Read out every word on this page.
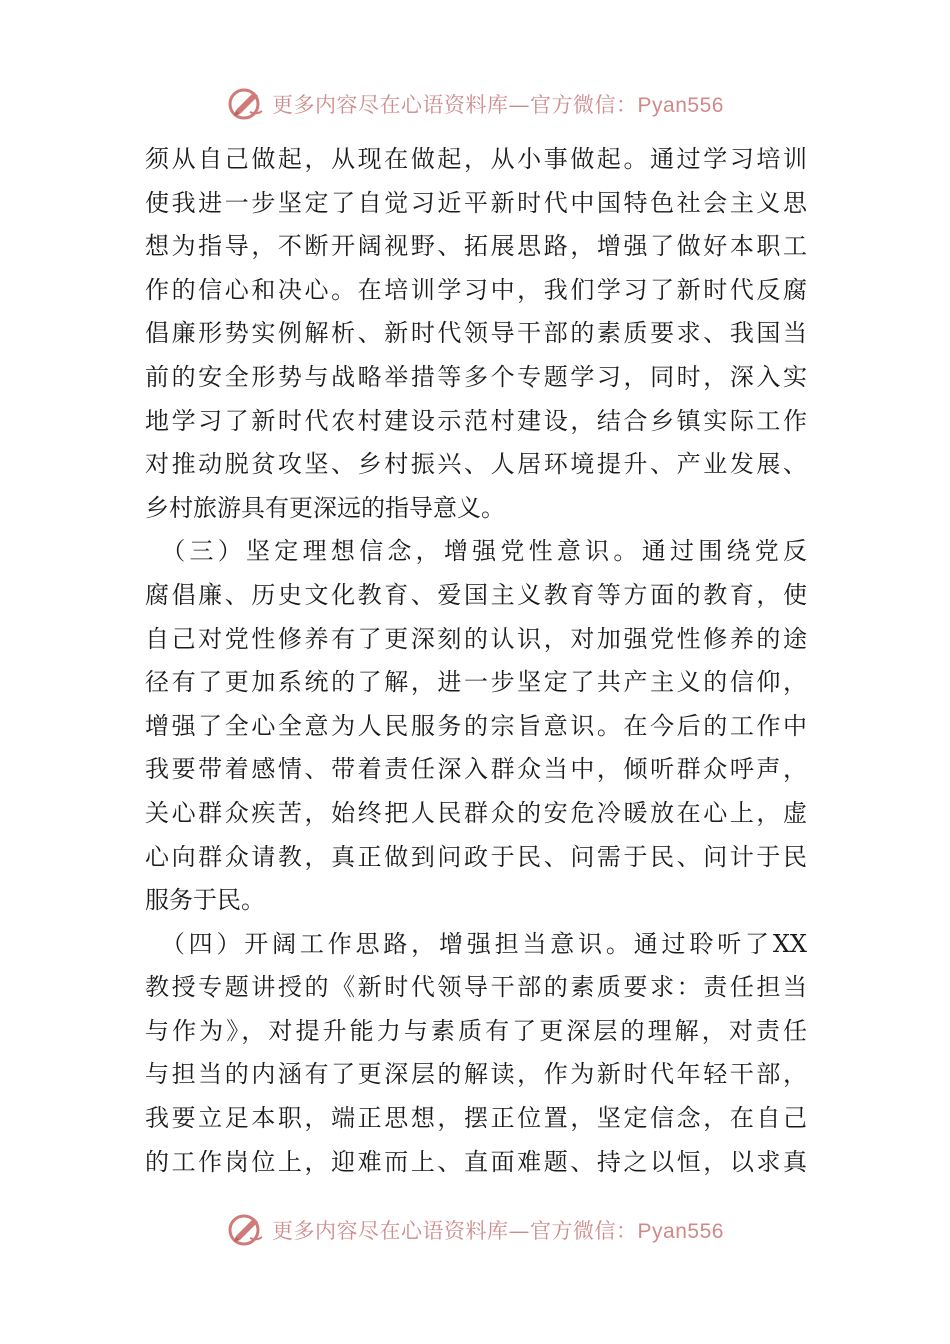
更多内容尽在心语资料库—官方微信：Pyan556
须从自己做起，从现在做起，从小事做起。通过学习培训
使我进一步坚定了自觉习近平新时代中国特色社会主义思
想为指导，不断开阔视野、拓展思路，增强了做好本职工
作的信心和决心。在培训学习中，我们学习了新时代反腐
倡廉形势实例解析、新时代领导干部的素质要求、我国当
前的安全形势与战略举措等多个专题学习，同时，深入实
地学习了新时代农村建设示范村建设，结合乡镇实际工作
对推动脱贫攻坚、乡村振兴、人居环境提升、产业发展、
乡村旅游具有更深远的指导意义。
　（三）坚定理想信念，增强党性意识。通过围绕党反
腐倡廉、历史文化教育、爱国主义教育等方面的教育，使
自己对党性修养有了更深刻的认识，对加强党性修养的途
径有了更加系统的了解，进一步坚定了共产主义的信仰，
增强了全心全意为人民服务的宗旨意识。在今后的工作中
我要带着感情、带着责任深入群众当中，倾听群众呼声，
关心群众疾苦，始终把人民群众的安危冷暖放在心上，虚
心向群众请教，真正做到问政于民、问需于民、问计于民
服务于民。
　（四）开阔工作思路，增强担当意识。通过聆听了XX
教授专题讲授的《新时代领导干部的素质要求：责任担当
与作为》，对提升能力与素质有了更深层的理解，对责任
与担当的内涵有了更深层的解读，作为新时代年轻干部，
我要立足本职，端正思想，摆正位置，坚定信念，在自己
的工作岗位上，迎难而上、直面难题、持之以恒，以求真
更多内容尽在心语资料库—官方微信：Pyan556
